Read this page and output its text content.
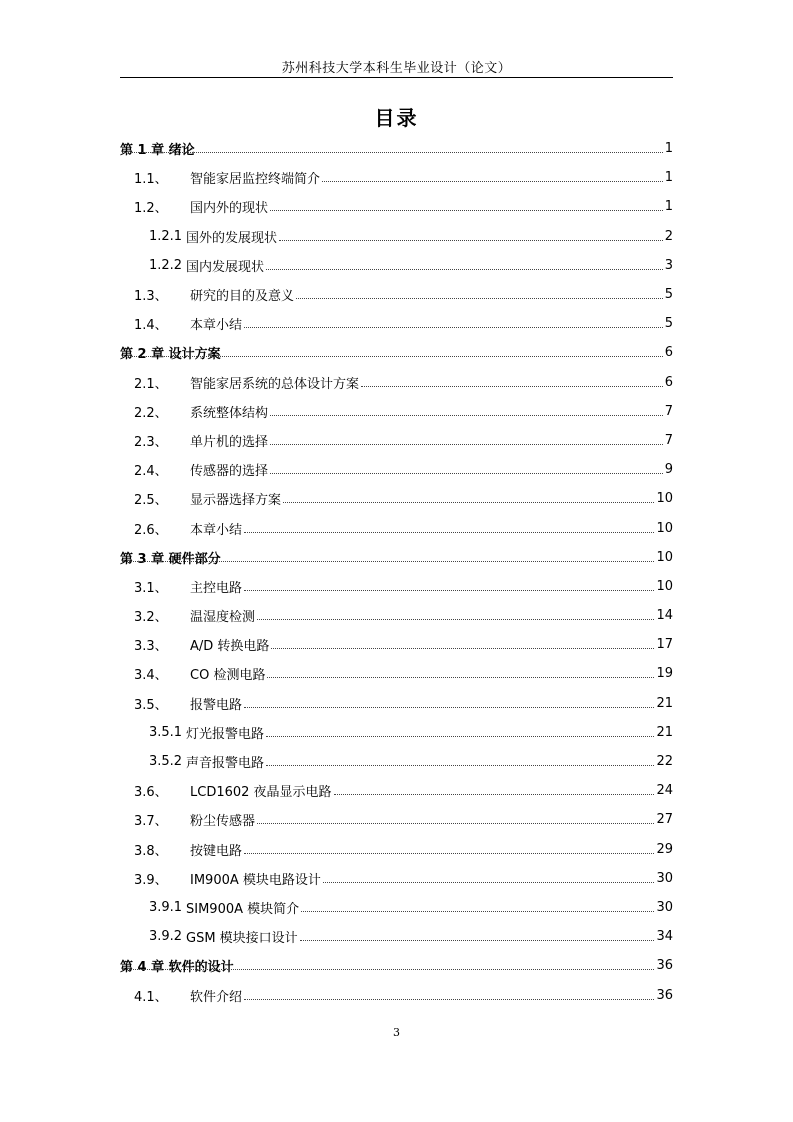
苏州科技大学本科生毕业设计（论文）
目录
第 1 章 绪论	1
1.1、	智能家居监控终端简介	1
1.2、	国内外的现状	1
1.2.1 国外的发展现状	2
1.2.2 国内发展现状	3
1.3、	研究的目的及意义	5
1.4、	本章小结	5
第 2 章 设计方案	6
2.1、	智能家居系统的总体设计方案	6
2.2、	系统整体结构	7
2.3、	单片机的选择	7
2.4、	传感器的选择	9
2.5、	显示器选择方案	10
2.6、	本章小结	10
第 3 章 硬件部分	10
3.1、	主控电路	10
3.2、	温湿度检测	14
3.3、	A/D 转换电路	17
3.4、	CO 检测电路	19
3.5、	报警电路	21
3.5.1 灯光报警电路	21
3.5.2 声音报警电路	22
3.6、	LCD1602 夜晶显示电路	24
3.7、	粉尘传感器	27
3.8、	按键电路	29
3.9、	IM900A 模块电路设计	30
3.9.1 SIM900A 模块简介	30
3.9.2 GSM 模块接口设计	34
第 4 章 软件的设计	36
4.1、	软件介绍	36
3
